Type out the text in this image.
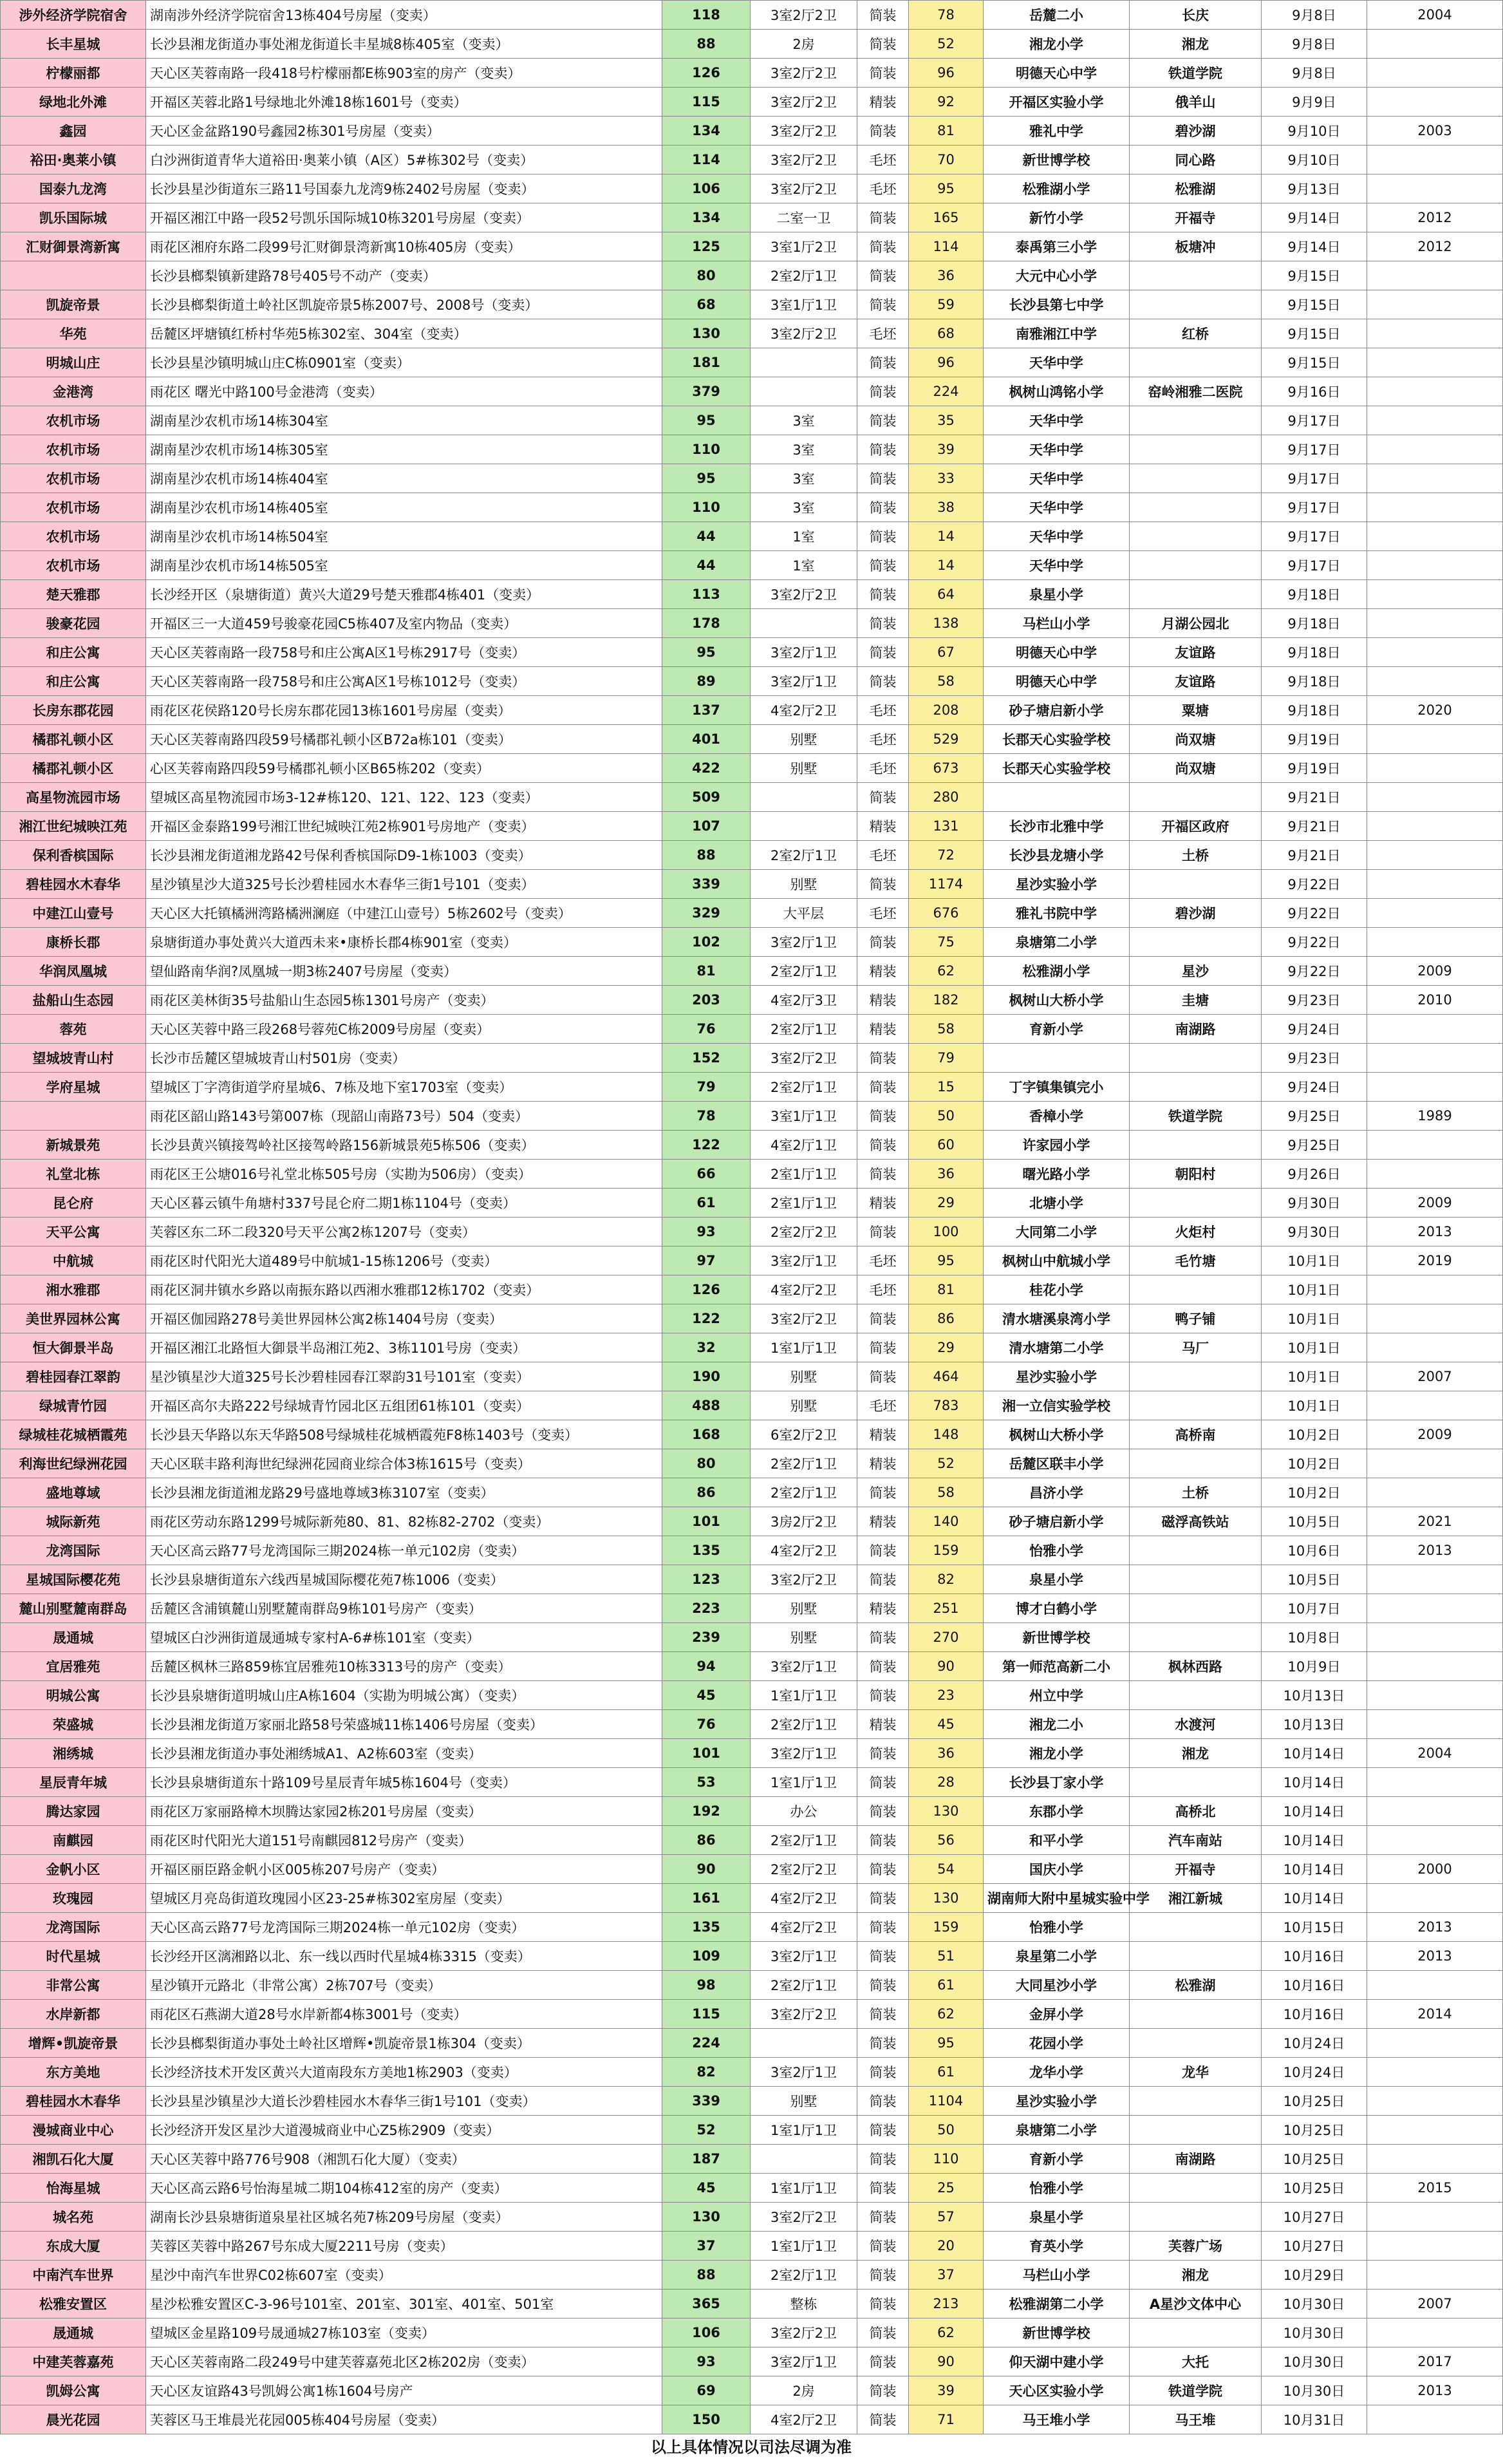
涉外经济学院宿舍	湖南涉外经济学院宿舍13栋404号房屋（变卖）	118	3室2厅2卫	简装	78	岳麓二小	长庆	9月8日	2004
长丰星城	长沙县湘龙街道办事处湘龙街道长丰星城8栋405室（变卖）	88	2房	简装	52	湘龙小学	湘龙	9月8日	
柠檬丽都	天心区芙蓉南路一段418号柠檬丽都E栋903室的房产（变卖）	126	3室2厅2卫	简装	96	明德天心中学	铁道学院	9月8日	
绿地北外滩	开福区芙蓉北路1号绿地北外滩18栋1601号（变卖）	115	3室2厅2卫	精装	92	开福区实验小学	俄羊山	9月9日	
鑫园	天心区金盆路190号鑫园2栋301号房屋（变卖）	134	3室2厅2卫	简装	81	雅礼中学	碧沙湖	9月10日	2003
裕田·奥莱小镇	白沙洲街道青华大道裕田·奥莱小镇（A区）5#栋302号（变卖）	114	3室2厅2卫	毛坯	70	新世博学校	同心路	9月10日	
国泰九龙湾	长沙县星沙街道东三路11号国泰九龙湾9栋2402号房屋（变卖）	106	3室2厅2卫	毛坯	95	松雅湖小学	松雅湖	9月13日	
凯乐国际城	开福区湘江中路一段52号凯乐国际城10栋3201号房屋（变卖）	134	二室一卫	简装	165	新竹小学	开福寺	9月14日	2012
汇财御景湾新寓	雨花区湘府东路二段99号汇财御景湾新寓10栋405房（变卖）	125	3室1厅2卫	简装	114	泰禹第三小学	板塘冲	9月14日	2012
	长沙县榔梨镇新建路78号405号不动产（变卖）	80	2室2厅1卫	简装	36	大元中心小学		9月15日	
凯旋帝景	长沙县榔梨街道土岭社区凯旋帝景5栋2007号、2008号（变卖）	68	3室1厅1卫	简装	59	长沙县第七中学		9月15日	
华苑	岳麓区坪塘镇红桥村华苑5栋302室、304室（变卖）	130	3室2厅2卫	毛坯	68	南雅湘江中学	红桥	9月15日	
明城山庄	长沙县星沙镇明城山庄C栋0901室（变卖）	181		简装	96	天华中学		9月15日	
金港湾	雨花区 曙光中路100号金港湾（变卖）	379		简装	224	枫树山鸿铭小学	窑岭湘雅二医院	9月16日	
农机市场	湖南星沙农机市场14栋304室	95	3室	简装	35	天华中学		9月17日	
农机市场	湖南星沙农机市场14栋305室	110	3室	简装	39	天华中学		9月17日	
农机市场	湖南星沙农机市场14栋404室	95	3室	简装	33	天华中学		9月17日	
农机市场	湖南星沙农机市场14栋405室	110	3室	简装	38	天华中学		9月17日	
农机市场	湖南星沙农机市场14栋504室	44	1室	简装	14	天华中学		9月17日	
农机市场	湖南星沙农机市场14栋505室	44	1室	简装	14	天华中学		9月17日	
楚天雅郡	长沙经开区（泉塘街道）黄兴大道29号楚天雅郡4栋401（变卖）	113	3室2厅2卫	简装	64	泉星小学		9月18日	
骏豪花园	开福区三一大道459号骏豪花园C5栋407及室内物品（变卖）	178		简装	138	马栏山小学	月湖公园北	9月18日	
和庄公寓	天心区芙蓉南路一段758号和庄公寓A区1号栋2917号（变卖）	95	3室2厅1卫	简装	67	明德天心中学	友谊路	9月18日	
和庄公寓	天心区芙蓉南路一段758号和庄公寓A区1号栋1012号（变卖）	89	3室2厅1卫	简装	58	明德天心中学	友谊路	9月18日	
长房东郡花园	雨花区花侯路120号长房东郡花园13栋1601号房屋（变卖）	137	4室2厅2卫	毛坯	208	砂子塘启新小学	粟塘	9月18日	2020
橘郡礼顿小区	天心区芙蓉南路四段59号橘郡礼顿小区B72a栋101（变卖）	401	别墅	毛坯	529	长郡天心实验学校	尚双塘	9月19日	
橘郡礼顿小区	心区芙蓉南路四段59号橘郡礼顿小区B65栋202（变卖）	422	别墅	毛坯	673	长郡天心实验学校	尚双塘	9月19日	
高星物流园市场	望城区高星物流园市场3-12#栋120、121、122、123（变卖）	509		简装	280			9月21日	
湘江世纪城映江苑	开福区金泰路199号湘江世纪城映江苑2栋901号房地产（变卖）	107		精装	131	长沙市北雅中学	开福区政府	9月21日	
保利香槟国际	长沙县湘龙街道湘龙路42号保利香槟国际D9-1栋1003（变卖）	88	2室2厅1卫	毛坯	72	长沙县龙塘小学	土桥	9月21日	
碧桂园水木春华	星沙镇星沙大道325号长沙碧桂园水木春华三街1号101（变卖）	339	别墅	简装	1174	星沙实验小学		9月22日	
中建江山壹号	天心区大托镇橘洲湾路橘洲澜庭（中建江山壹号）5栋2602号（变卖）	329	大平层	毛坯	676	雅礼书院中学	碧沙湖	9月22日	
康桥长郡	泉塘街道办事处黄兴大道西未来•康桥长郡4栋901室（变卖）	102	3室2厅1卫	简装	75	泉塘第二小学		9月22日	
华润凤凰城	望仙路南华润?凤凰城一期3栋2407号房屋（变卖）	81	2室2厅1卫	精装	62	松雅湖小学	星沙	9月22日	2009
盐船山生态园	雨花区美林街35号盐船山生态园5栋1301号房产（变卖）	203	4室2厅3卫	精装	182	枫树山大桥小学	圭塘	9月23日	2010
蓉苑	天心区芙蓉中路三段268号蓉苑C栋2009号房屋（变卖）	76	2室2厅1卫	精装	58	育新小学	南湖路	9月24日	
望城坡青山村	长沙市岳麓区望城坡青山村501房（变卖）	152	3室2厅2卫	简装	79			9月23日	
学府星城	望城区丁字湾街道学府星城6、7栋及地下室1703室（变卖）	79	2室2厅1卫	简装	15	丁字镇集镇完小		9月24日	
	雨花区韶山路143号第007栋（现韶山南路73号）504（变卖）	78	3室1厅1卫	简装	50	香樟小学	铁道学院	9月25日	1989
新城景苑	长沙县黄兴镇接驾岭社区接驾岭路156新城景苑5栋506（变卖）	122	4室2厅1卫	简装	60	许家园小学		9月25日	
礼堂北栋	雨花区王公塘016号礼堂北栋505号房（实勘为506房）（变卖）	66	2室1厅1卫	简装	36	曙光路小学	朝阳村	9月26日	
昆仑府	天心区暮云镇牛角塘村337号昆仑府二期1栋1104号（变卖）	61	2室1厅1卫	精装	29	北塘小学		9月30日	2009
天平公寓	芙蓉区东二环二段320号天平公寓2栋1207号（变卖）	93	2室2厅2卫	简装	100	大同第二小学	火炬村	9月30日	2013
中航城	雨花区时代阳光大道489号中航城1-15栋1206号（变卖）	97	3室2厅1卫	毛坯	95	枫树山中航城小学	毛竹塘	10月1日	2019
湘水雅郡	雨花区洞井镇水乡路以南振东路以西湘水雅郡12栋1702（变卖）	126	4室2厅2卫	毛坯	81	桂花小学		10月1日	
美世界园林公寓	开福区伽园路278号美世界园林公寓2栋1404号房（变卖）	122	3室2厅2卫	简装	86	清水塘溪泉湾小学	鸭子铺	10月1日	
恒大御景半岛	开福区湘江北路恒大御景半岛湘江苑2、3栋1101号房（变卖）	32	1室1厅1卫	简装	29	清水塘第二小学	马厂	10月1日	
碧桂园春江翠韵	星沙镇星沙大道325号长沙碧桂园春江翠韵31号101室（变卖）	190	别墅	简装	464	星沙实验小学		10月1日	2007
绿城青竹园	开福区高尔夫路222号绿城青竹园北区五组团61栋101（变卖）	488	别墅	毛坯	783	湘一立信实验学校		10月1日	
绿城桂花城栖霞苑	长沙县天华路以东天华路508号绿城桂花城栖霞苑F8栋1403号（变卖）	168	6室2厅2卫	精装	148	枫树山大桥小学	高桥南	10月2日	2009
利海世纪绿洲花园	天心区联丰路利海世纪绿洲花园商业综合体3栋1615号（变卖）	80	2室2厅1卫	精装	52	岳麓区联丰小学		10月2日	
盛地尊域	长沙县湘龙街道湘龙路29号盛地尊域3栋3107室（变卖）	86	2室2厅1卫	简装	58	昌济小学	土桥	10月2日	
城际新苑	雨花区劳动东路1299号城际新苑80、81、82栋82-2702（变卖）	101	3房2厅2卫	精装	140	砂子塘启新小学	磁浮高铁站	10月5日	2021
龙湾国际	天心区高云路77号龙湾国际三期2024栋一单元102房（变卖）	135	4室2厅2卫	简装	159	怡雅小学		10月6日	2013
星城国际樱花苑	长沙县泉塘街道东六线西星城国际樱花苑7栋1006（变卖）	123	3室2厅2卫	简装	82	泉星小学		10月5日	
麓山别墅麓南群岛	岳麓区含浦镇麓山别墅麓南群岛9栋101号房产（变卖）	223	别墅	精装	251	博才白鹤小学		10月7日	
晟通城	望城区白沙洲街道晟通城专家村A-6#栋101室（变卖）	239	别墅	简装	270	新世博学校		10月8日	
宜居雅苑	岳麓区枫林三路859栋宜居雅苑10栋3313号的房产（变卖）	94	3室2厅1卫	简装	90	第一师范高新二小	枫林西路	10月9日	
明城公寓	长沙县泉塘街道明城山庄A栋1604（实勘为明城公寓）（变卖）	45	1室1厅1卫	简装	23	州立中学		10月13日	
荣盛城	长沙县湘龙街道万家丽北路58号荣盛城11栋1406号房屋（变卖）	76	2室2厅1卫	精装	45	湘龙二小	水渡河	10月13日	
湘绣城	长沙县湘龙街道办事处湘绣城A1、A2栋603室（变卖）	101	3室2厅1卫	简装	36	湘龙小学	湘龙	10月14日	2004
星辰青年城	长沙县泉塘街道东十路109号星辰青年城5栋1604号（变卖）	53	1室1厅1卫	简装	28	长沙县丁家小学		10月14日	
腾达家园	雨花区万家丽路樟木坝腾达家园2栋201号房屋（变卖）	192	办公	简装	130	东郡小学	高桥北	10月14日	
南麒园	雨花区时代阳光大道151号南麒园812号房产（变卖）	86	2室2厅1卫	简装	56	和平小学	汽车南站	10月14日	
金帆小区	开福区丽臣路金帆小区005栋207号房产（变卖）	90	2室2厅2卫	简装	54	国庆小学	开福寺	10月14日	2000
玫瑰园	望城区月亮岛街道玫瑰园小区23-25#栋302室房屋（变卖）	161	4室2厅2卫	简装	130	湖南师大附中星城实验中学	湘江新城	10月14日	
龙湾国际	天心区高云路77号龙湾国际三期2024栋一单元102房（变卖）	135	4室2厅2卫	简装	159	怡雅小学		10月15日	2013
时代星城	长沙经开区漓湘路以北、东一线以西时代星城4栋3315（变卖）	109	3室2厅1卫	简装	51	泉星第二小学		10月16日	2013
非常公寓	星沙镇开元路北（非常公寓）2栋707号（变卖）	98	2室2厅1卫	简装	61	大同星沙小学	松雅湖	10月16日	
水岸新都	雨花区石燕湖大道28号水岸新都4栋3001号（变卖）	115	3室2厅2卫	简装	62	金屏小学		10月16日	2014
增辉•凯旋帝景	长沙县榔梨街道办事处土岭社区增辉•凯旋帝景1栋304（变卖）	224		简装	95	花园小学		10月24日	
东方美地	长沙经济技术开发区黄兴大道南段东方美地1栋2903（变卖）	82	3室2厅1卫	简装	61	龙华小学	龙华	10月24日	
碧桂园水木春华	长沙县星沙镇星沙大道长沙碧桂园水木春华三街1号101（变卖）	339	别墅	简装	1104	星沙实验小学		10月25日	
漫城商业中心	长沙经济开发区星沙大道漫城商业中心Z5栋2909（变卖）	52	1室1厅1卫	简装	50	泉塘第二小学		10月25日	
湘凯石化大厦	天心区芙蓉中路776号908（湘凯石化大厦）（变卖）	187		简装	110	育新小学	南湖路	10月25日	
怡海星城	天心区高云路6号怡海星城二期104栋412室的房产（变卖）	45	1室1厅1卫	简装	25	怡雅小学		10月25日	2015
城名苑	湖南长沙县泉塘街道泉星社区城名苑7栋209号房屋（变卖）	130	3室2厅2卫	简装	57	泉星小学		10月27日	
东成大厦	芙蓉区芙蓉中路267号东成大厦2211号房（变卖）	37	1室1厅1卫	简装	20	育英小学	芙蓉广场	10月27日	
中南汽车世界	星沙中南汽车世界C02栋607室（变卖）	88	2室2厅1卫	简装	37	马栏山小学	湘龙	10月29日	
松雅安置区	星沙松雅安置区C-3-96号101室、201室、301室、401室、501室	365	整栋	简装	213	松雅湖第二小学	A星沙文体中心	10月30日	2007
晟通城	望城区金星路109号晟通城27栋103室（变卖）	106	3室2厅2卫	简装	62	新世博学校		10月30日	
中建芙蓉嘉苑	天心区芙蓉南路二段249号中建芙蓉嘉苑北区2栋202房（变卖）	93	3室2厅1卫	简装	90	仰天湖中建小学	大托	10月30日	2017
凯姆公寓	天心区友谊路43号凯姆公寓1栋1604号房产	69	2房	简装	39	天心区实验小学	铁道学院	10月30日	2013
晨光花园	芙蓉区马王堆晨光花园005栋404号房屋（变卖）	150	4室2厅2卫	简装	71	马王堆小学	马王堆	10月31日	
以上具体情况以司法尽调为准
